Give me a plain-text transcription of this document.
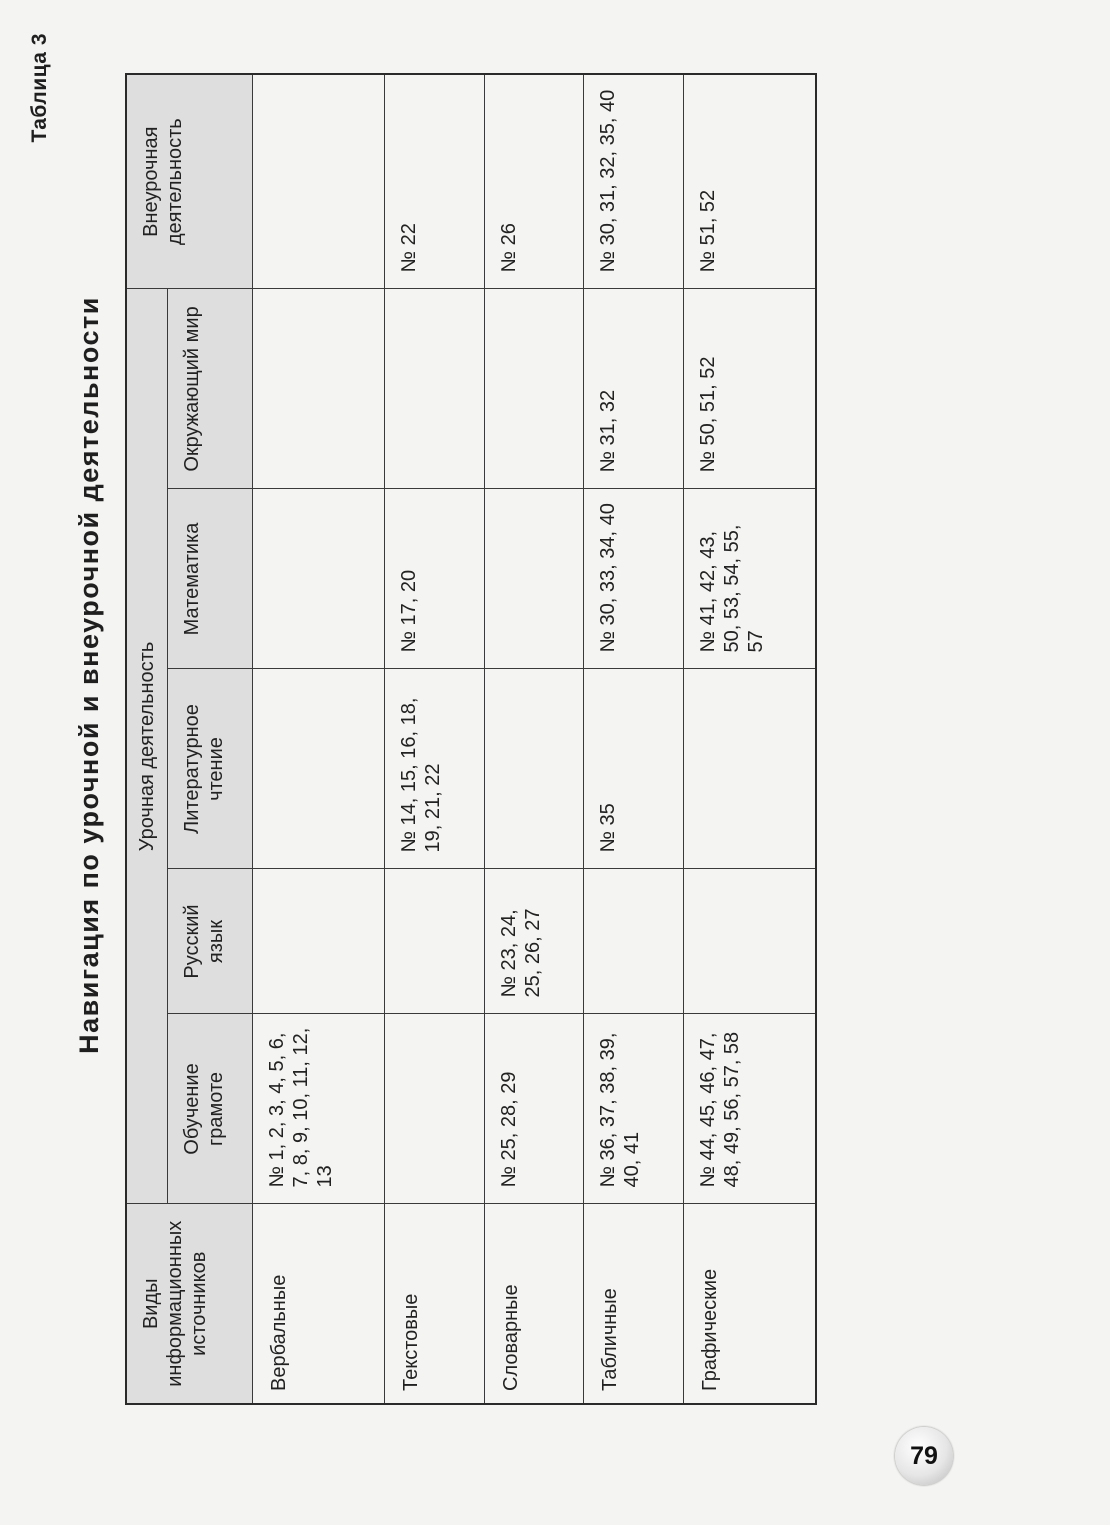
Таблица 3
Навигация по урочной и внеурочной деятельности
Виды информационных источников	Урочная деятельность					Внеурочная деятельность
	Обучение грамоте	Русский язык	Литературное чтение	Математика	Окружающий мир	
Вербальные	№ 1, 2, 3, 4, 5, 6, 7, 8, 9, 10, 11, 12, 13					
Текстовые			№ 14, 15, 16, 18, 19, 21, 22	№ 17, 20		№ 22
Словарные	№ 25, 28, 29	№ 23, 24, 25, 26, 27				№ 26
Табличные	№ 36, 37, 38, 39, 40, 41		№ 35	№ 30, 33, 34, 40	№ 31, 32	№ 30, 31, 32, 35, 40
Графические	№ 44, 45, 46, 47, 48, 49, 56, 57, 58			№ 41, 42, 43, 50, 53, 54, 55, 57	№ 50, 51, 52	№ 51, 52
79
